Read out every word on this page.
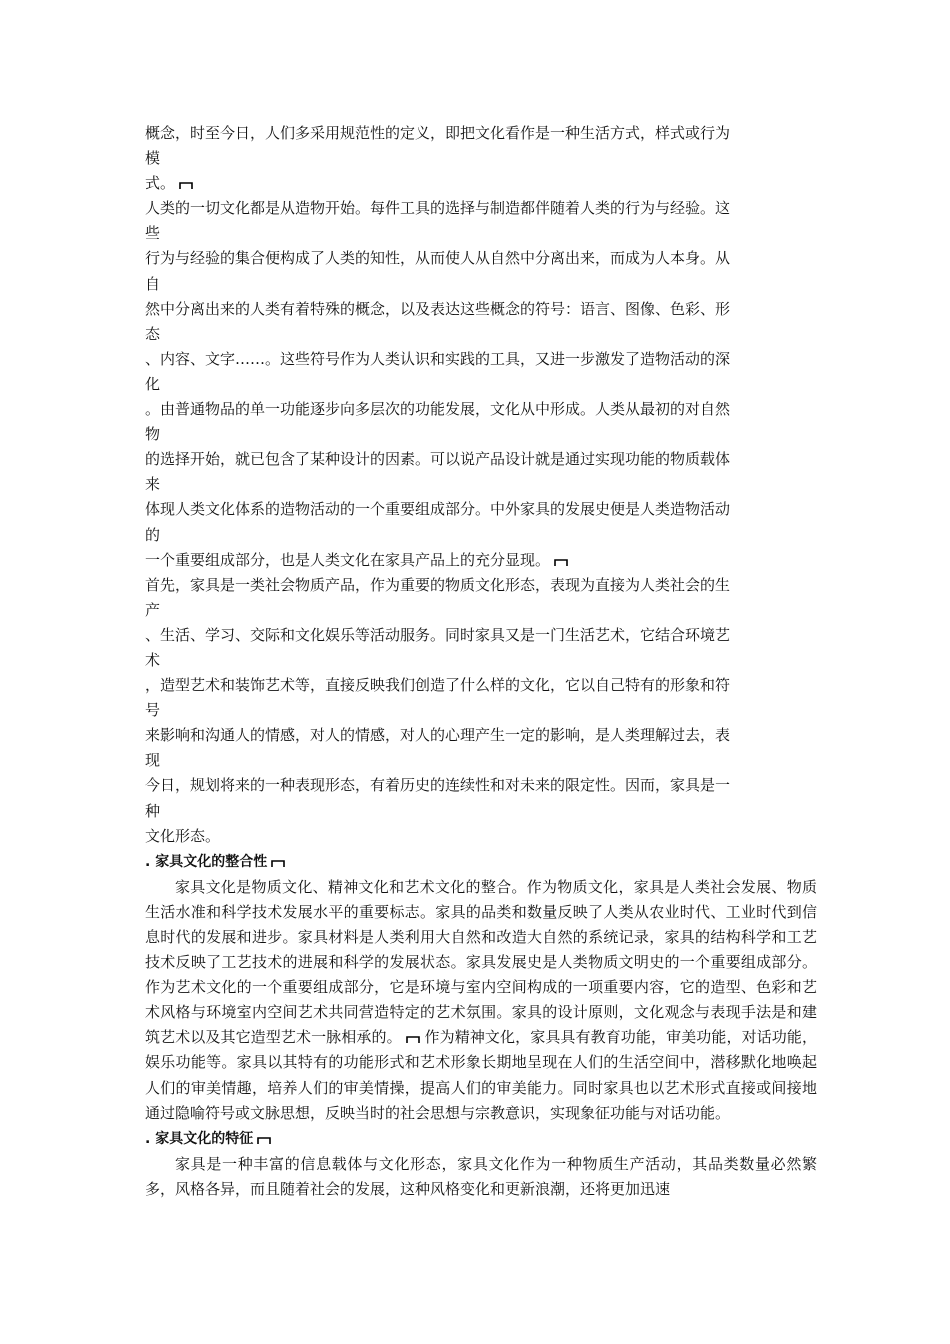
概念，时至今日，人们多采用规范性的定义，即把文化看作是一种生活方式，样式或行为
模
式。
人类的一切文化都是从造物开始。每件工具的选择与制造都伴随着人类的行为与经验。这
些
行为与经验的集合便构成了人类的知性，从而使人从自然中分离出来，而成为人本身。从
自
然中分离出来的人类有着特殊的概念，以及表达这些概念的符号：语言、图像、色彩、形
态
、内容、文字……。这些符号作为人类认识和实践的工具，又进一步激发了造物活动的深
化
。由普通物品的单一功能逐步向多层次的功能发展，文化从中形成。人类从最初的对自然
物
的选择开始，就已包含了某种设计的因素。可以说产品设计就是通过实现功能的物质载体
来
体现人类文化体系的造物活动的一个重要组成部分。中外家具的发展史便是人类造物活动
的
一个重要组成部分，也是人类文化在家具产品上的充分显现。
首先，家具是一类社会物质产品，作为重要的物质文化形态，表现为直接为人类社会的生
产
、生活、学习、交际和文化娱乐等活动服务。同时家具又是一门生活艺术，它结合环境艺
术
，造型艺术和装饰艺术等，直接反映我们创造了什么样的文化，它以自己特有的形象和符
号
来影响和沟通人的情感，对人的情感，对人的心理产生一定的影响，是人类理解过去，表
现
今日，规划将来的一种表现形态，有着历史的连续性和对未来的限定性。因而，家具是一
种
文化形态。
. 家具文化的整合性

家具文化是物质文化、精神文化和艺术文化的整合。作为物质文化，家具是人类社会发展、物质生活水准和科学技术发展水平的重要标志。家具的品类和数量反映了人类从农业时代、工业时代到信息时代的发展和进步。家具材料是人类利用大自然和改造大自然的系统记录，家具的结构科学和工艺技术反映了工艺技术的进展和科学的发展状态。家具发展史是人类物质文明史的一个重要组成部分。作为艺术文化的一个重要组成部分，它是环境与室内空间构成的一项重要内容，它的造型、色彩和艺术风格与环境室内空间艺术共同营造特定的艺术氛围。家具的设计原则，文化观念与表现手法是和建筑艺术以及其它造型艺术一脉相承的。
作为精神文化，家具具有教育功能，审美功能，对话功能，娱乐功能等。家具以其特有的功能形式和艺术形象长期地呈现在人们的生活空间中，潜移默化地唤起人们的审美情趣，培养人们的审美情操，提高人们的审美能力。同时家具也以艺术形式直接或间接地通过隐喻符号或文脉思想，反映当时的社会思想与宗教意识，实现象征功能与对话功能。

. 家具文化的特征

家具是一种丰富的信息载体与文化形态，家具文化作为一种物质生产活动，其品类数量必然繁多，风格各异，而且随着社会的发展，这种风格变化和更新浪潮，还将更加迅速
